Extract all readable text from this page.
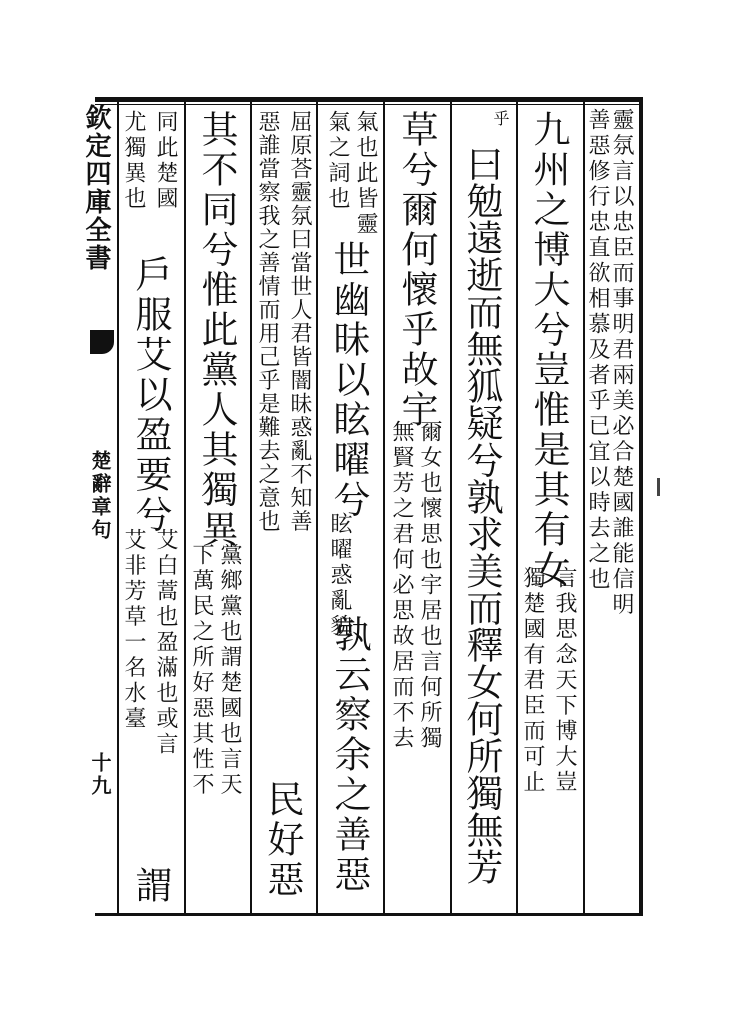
欽定四庫全書
楚辭章句
十九
靈氛言以忠臣而事明君兩美必合楚國誰能信明
善惡修行忠直欲相慕及者乎已宜以時去之也
九州之博大兮豈惟是其有女
言我思念天下博大豈
獨楚國有君臣而可止
曰勉遠逝而無狐疑兮孰求美而釋女何所獨無芳
乎
草兮爾何懷乎故宇
爾女也懷思也宇居也言何所獨
無賢芳之君何必思故居而不去
氣也此皆靈
氣之詞也
世幽昧以眩曜兮
眩曜惑亂貌
孰云察余之善惡
民好惡
屈原荅靈氛曰當世人君皆闇昧惑亂不知善
惡誰當察我之善情而用己乎是難去之意也
其不同兮惟此黨人其獨異
黨鄉黨也謂楚國也言天
下萬民之所好惡其性不
同此楚國
尤獨異也
戶服艾以盈要兮
艾白蒿也盈滿也或言
艾非芳草一名水臺
謂
